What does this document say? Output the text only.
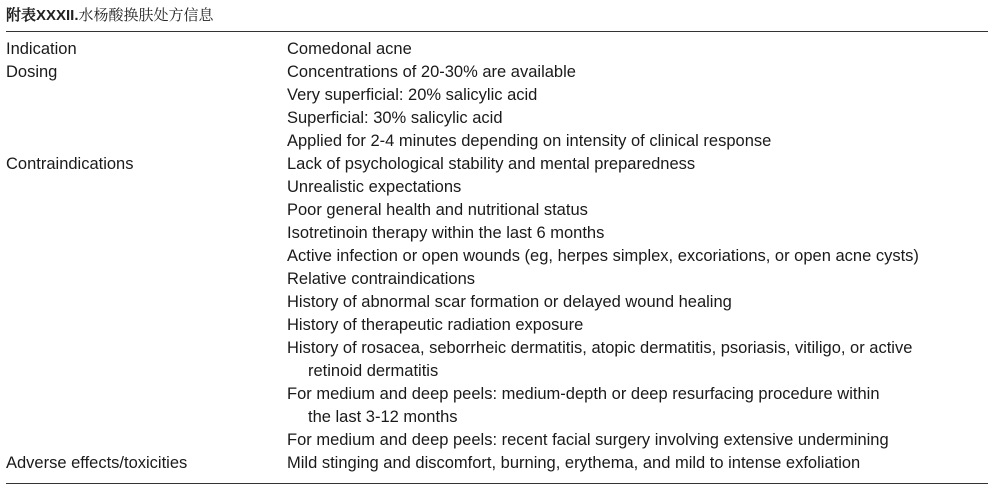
附表XXXII.水杨酸换肤处方信息
Indication	Comedonal acne
Dosing	Concentrations of 20-30% are available
Very superficial: 20% salicylic acid
Superficial: 30% salicylic acid
Applied for 2-4 minutes depending on intensity of clinical response
Contraindications	Lack of psychological stability and mental preparedness
Unrealistic expectations
Poor general health and nutritional status
Isotretinoin therapy within the last 6 months
Active infection or open wounds (eg, herpes simplex, excoriations, or open acne cysts)
Relative contraindications
History of abnormal scar formation or delayed wound healing
History of therapeutic radiation exposure
History of rosacea, seborrheic dermatitis, atopic dermatitis, psoriasis, vitiligo, or active
retinoid dermatitis
For medium and deep peels: medium-depth or deep resurfacing procedure within
the last 3-12 months
For medium and deep peels: recent facial surgery involving extensive undermining
Adverse effects/toxicities	Mild stinging and discomfort, burning, erythema, and mild to intense exfoliation
